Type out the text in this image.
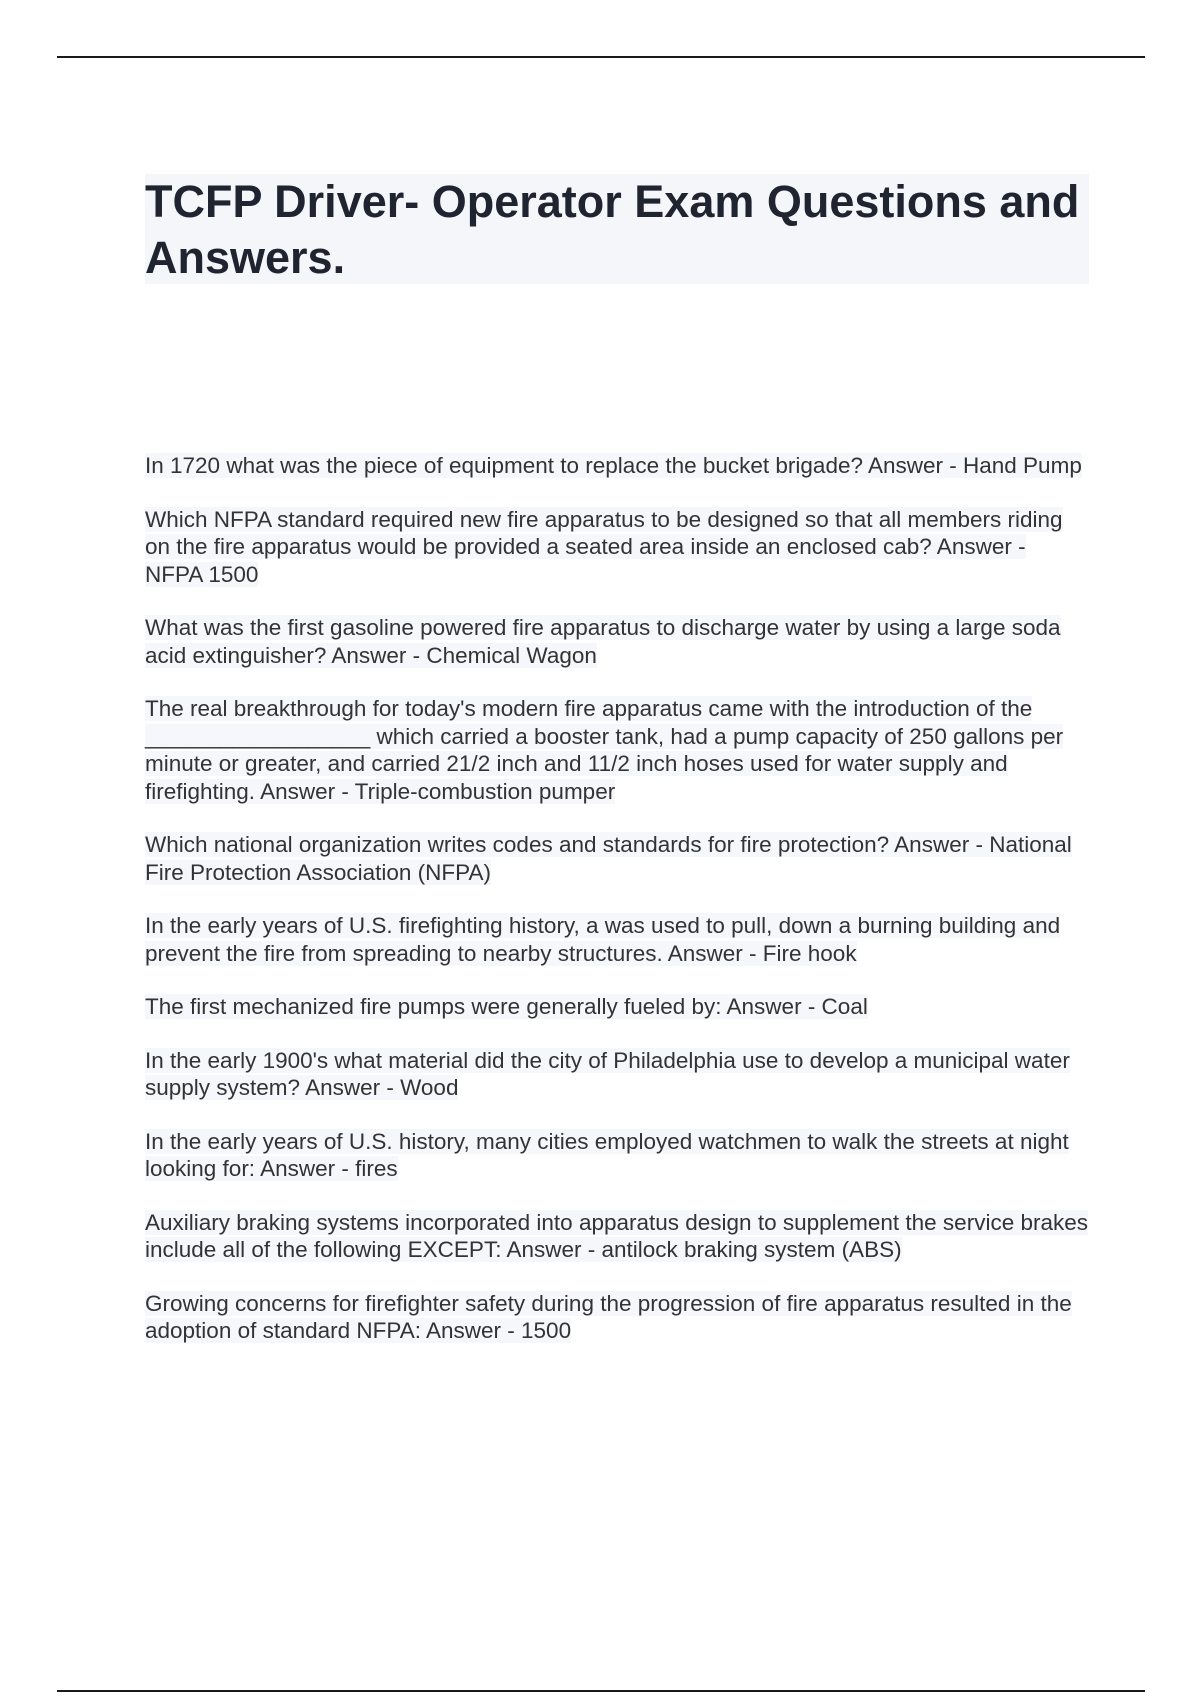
TCFP Driver- Operator Exam Questions and Answers.

In 1720 what was the piece of equipment to replace the bucket brigade? Answer - Hand Pump

Which NFPA standard required new fire apparatus to be designed so that all members riding on the fire apparatus would be provided a seated area inside an enclosed cab? Answer - NFPA 1500

What was the first gasoline powered fire apparatus to discharge water by using a large soda acid extinguisher? Answer - Chemical Wagon

The real breakthrough for today's modern fire apparatus came with the introduction of the __________________ which carried a booster tank, had a pump capacity of 250 gallons per minute or greater, and carried 21/2 inch and 11/2 inch hoses used for water supply and firefighting. Answer - Triple-combustion pumper

Which national organization writes codes and standards for fire protection? Answer - National Fire Protection Association (NFPA)

In the early years of U.S. firefighting history, a was used to pull, down a burning building and prevent the fire from spreading to nearby structures. Answer - Fire hook

The first mechanized fire pumps were generally fueled by: Answer - Coal

In the early 1900's what material did the city of Philadelphia use to develop a municipal water supply system? Answer - Wood

In the early years of U.S. history, many cities employed watchmen to walk the streets at night looking for: Answer - fires

Auxiliary braking systems incorporated into apparatus design to supplement the service brakes include all of the following EXCEPT: Answer - antilock braking system (ABS)

Growing concerns for firefighter safety during the progression of fire apparatus resulted in the adoption of standard NFPA: Answer - 1500
